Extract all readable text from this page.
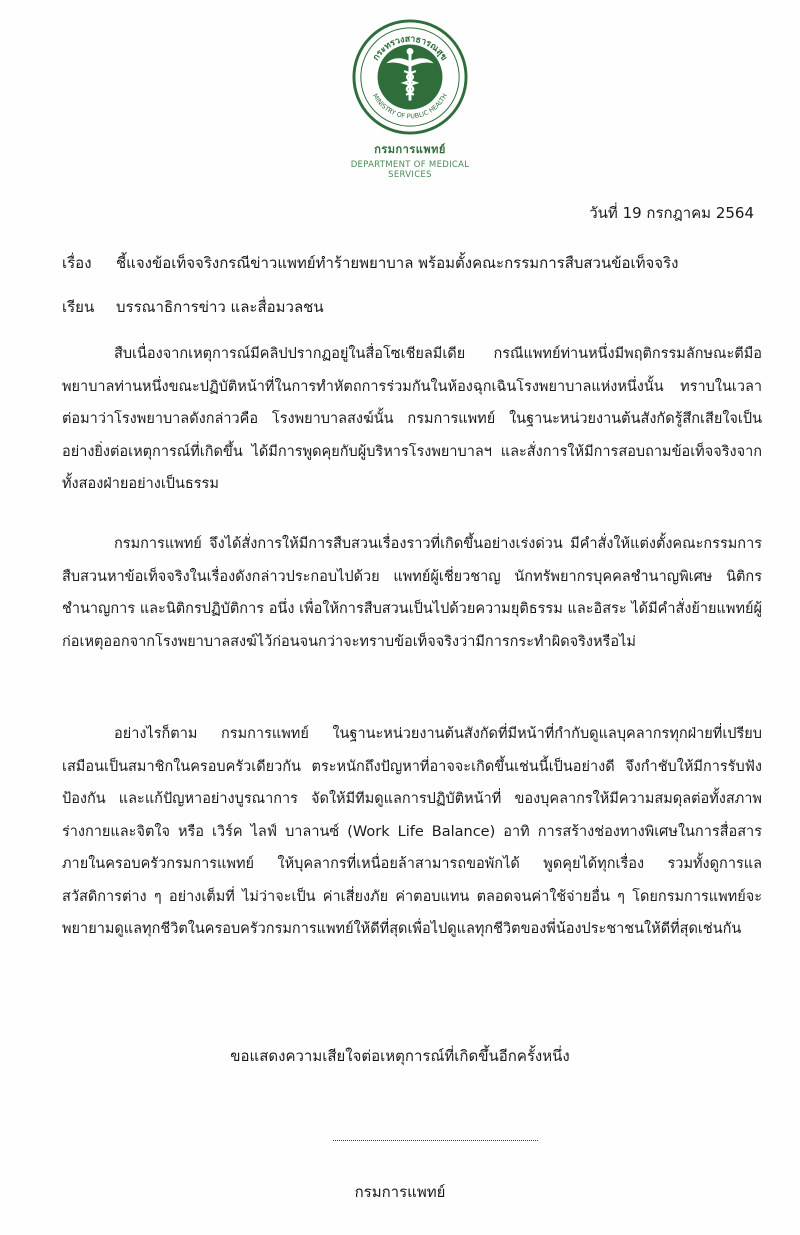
กระทรวงสาธารณสุข
MINISTRY OF PUBLIC HEALTH
กรมการแพทย์
DEPARTMENT OF MEDICAL SERVICES
วันที่ 19 กรกฎาคม 2564
เรื่อง	ชี้แจงข้อเท็จจริงกรณีข่าวแพทย์ทำร้ายพยาบาล พร้อมตั้งคณะกรรมการสืบสวนข้อเท็จจริง
เรียน	บรรณาธิการข่าว และสื่อมวลชน

สืบเนื่องจากเหตุการณ์มีคลิปปรากฏอยู่ในสื่อโซเชียลมีเดีย กรณีแพทย์ท่านหนึ่งมีพฤติกรรมลักษณะตีมือพยาบาลท่านหนึ่งขณะปฏิบัติหน้าที่ในการทำหัตถการร่วมกันในห้องฉุกเฉินโรงพยาบาลแห่งหนึ่งนั้น ทราบในเวลาต่อมาว่าโรงพยาบาลดังกล่าวคือ โรงพยาบาลสงฆ์นั้น กรมการแพทย์ ในฐานะหน่วยงานต้นสังกัดรู้สึกเสียใจเป็นอย่างยิ่งต่อเหตุการณ์ที่เกิดขึ้น ได้มีการพูดคุยกับผู้บริหารโรงพยาบาลฯ และสั่งการให้มีการสอบถามข้อเท็จจริงจากทั้งสองฝ่ายอย่างเป็นธรรม

กรมการแพทย์ จึงได้สั่งการให้มีการสืบสวนเรื่องราวที่เกิดขึ้นอย่างเร่งด่วน มีคำสั่งให้แต่งตั้งคณะกรรมการสืบสวนหาข้อเท็จจริงในเรื่องดังกล่าวประกอบไปด้วย แพทย์ผู้เชี่ยวชาญ นักทรัพยากรบุคคลชำนาญพิเศษ นิติกรชำนาญการ และนิติกรปฏิบัติการ อนึ่ง เพื่อให้การสืบสวนเป็นไปด้วยความยุติธรรม และอิสระ ได้มีคำสั่งย้ายแพทย์ผู้ก่อเหตุออกจากโรงพยาบาลสงฆ์ไว้ก่อนจนกว่าจะทราบข้อเท็จจริงว่ามีการกระทำผิดจริงหรือไม่

อย่างไรก็ตาม กรมการแพทย์ ในฐานะหน่วยงานต้นสังกัดที่มีหน้าที่กำกับดูแลบุคลากรทุกฝ่ายที่เปรียบเสมือนเป็นสมาชิกในครอบครัวเดียวกัน ตระหนักถึงปัญหาที่อาจจะเกิดขึ้นเช่นนี้เป็นอย่างดี จึงกำชับให้มีการรับฟัง ป้องกัน และแก้ปัญหาอย่างบูรณาการ จัดให้มีทีมดูแลการปฏิบัติหน้าที่ ของบุคลากรให้มีความสมดุลต่อทั้งสภาพร่างกายและจิตใจ หรือ เวิร์ค ไลฟ์ บาลานซ์ (Work Life Balance) อาทิ การสร้างช่องทางพิเศษในการสื่อสารภายในครอบครัวกรมการแพทย์ ให้บุคลากรที่เหนื่อยล้าสามารถขอพักได้ พูดคุยได้ทุกเรื่อง รวมทั้งดูการแลสวัสดิการต่าง ๆ อย่างเต็มที่ ไม่ว่าจะเป็น ค่าเสี่ยงภัย ค่าตอบแทน ตลอดจนค่าใช้จ่ายอื่น ๆ โดยกรมการแพทย์จะพยายามดูแลทุกชีวิตในครอบครัวกรมการแพทย์ให้ดีที่สุดเพื่อไปดูแลทุกชีวิตของพี่น้องประชาชนให้ดีที่สุดเช่นกัน

ขอแสดงความเสียใจต่อเหตุการณ์ที่เกิดขึ้นอีกครั้งหนึ่ง
กรมการแพทย์
